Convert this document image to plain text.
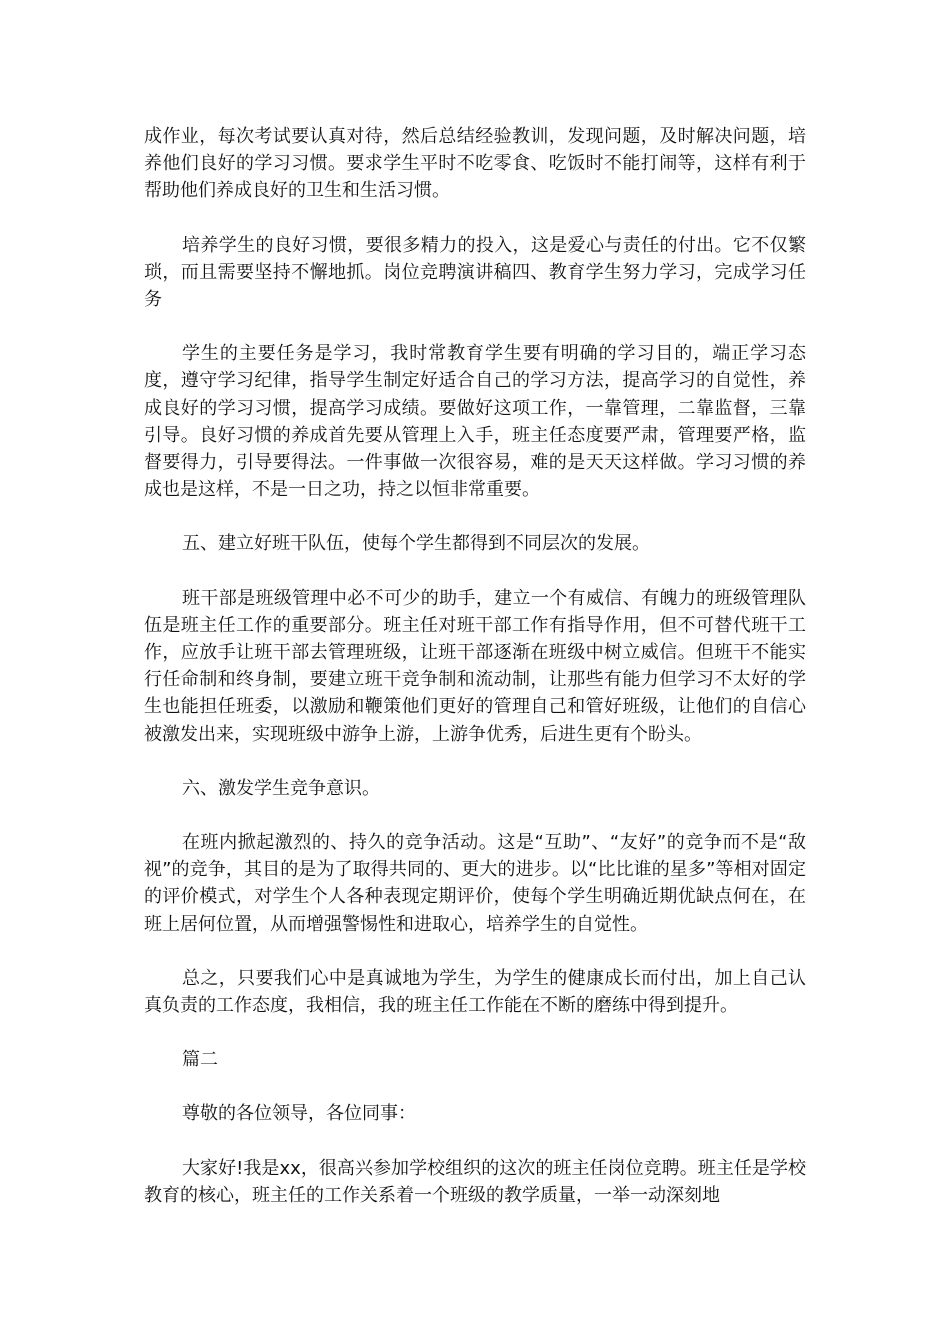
成作业，每次考试要认真对待，然后总结经验教训，发现问题，及时解决问题，培养他们良好的学习习惯。要求学生平时不吃零食、吃饭时不能打闹等，这样有利于帮助他们养成良好的卫生和生活习惯。

培养学生的良好习惯，要很多精力的投入，这是爱心与责任的付出。它不仅繁琐，而且需要坚持不懈地抓。岗位竞聘演讲稿四、教育学生努力学习，完成学习任务

学生的主要任务是学习，我时常教育学生要有明确的学习目的，端正学习态度，遵守学习纪律，指导学生制定好适合自己的学习方法，提高学习的自觉性，养成良好的学习习惯，提高学习成绩。要做好这项工作，一靠管理，二靠监督，三靠引导。良好习惯的养成首先要从管理上入手，班主任态度要严肃，管理要严格，监督要得力，引导要得法。一件事做一次很容易，难的是天天这样做。学习习惯的养成也是这样，不是一日之功，持之以恒非常重要。

五、建立好班干队伍，使每个学生都得到不同层次的发展。

班干部是班级管理中必不可少的助手，建立一个有威信、有魄力的班级管理队伍是班主任工作的重要部分。班主任对班干部工作有指导作用，但不可替代班干工作，应放手让班干部去管理班级，让班干部逐渐在班级中树立威信。但班干不能实行任命制和终身制，要建立班干竞争制和流动制，让那些有能力但学习不太好的学生也能担任班委，以激励和鞭策他们更好的管理自己和管好班级，让他们的自信心被激发出来，实现班级中游争上游，上游争优秀，后进生更有个盼头。

六、激发学生竞争意识。

在班内掀起激烈的、持久的竞争活动。这是“互助”、“友好”的竞争而不是“敌视”的竞争，其目的是为了取得共同的、更大的进步。以“比比谁的星多”等相对固定的评价模式，对学生个人各种表现定期评价，使每个学生明确近期优缺点何在，在班上居何位置，从而增强警惕性和进取心，培养学生的自觉性。

总之，只要我们心中是真诚地为学生，为学生的健康成长而付出，加上自己认真负责的工作态度，我相信，我的班主任工作能在不断的磨练中得到提升。

篇二

尊敬的各位领导，各位同事：

大家好!我是xx，很高兴参加学校组织的这次的班主任岗位竞聘。班主任是学校教育的核心，班主任的工作关系着一个班级的教学质量，一举一动深刻地
